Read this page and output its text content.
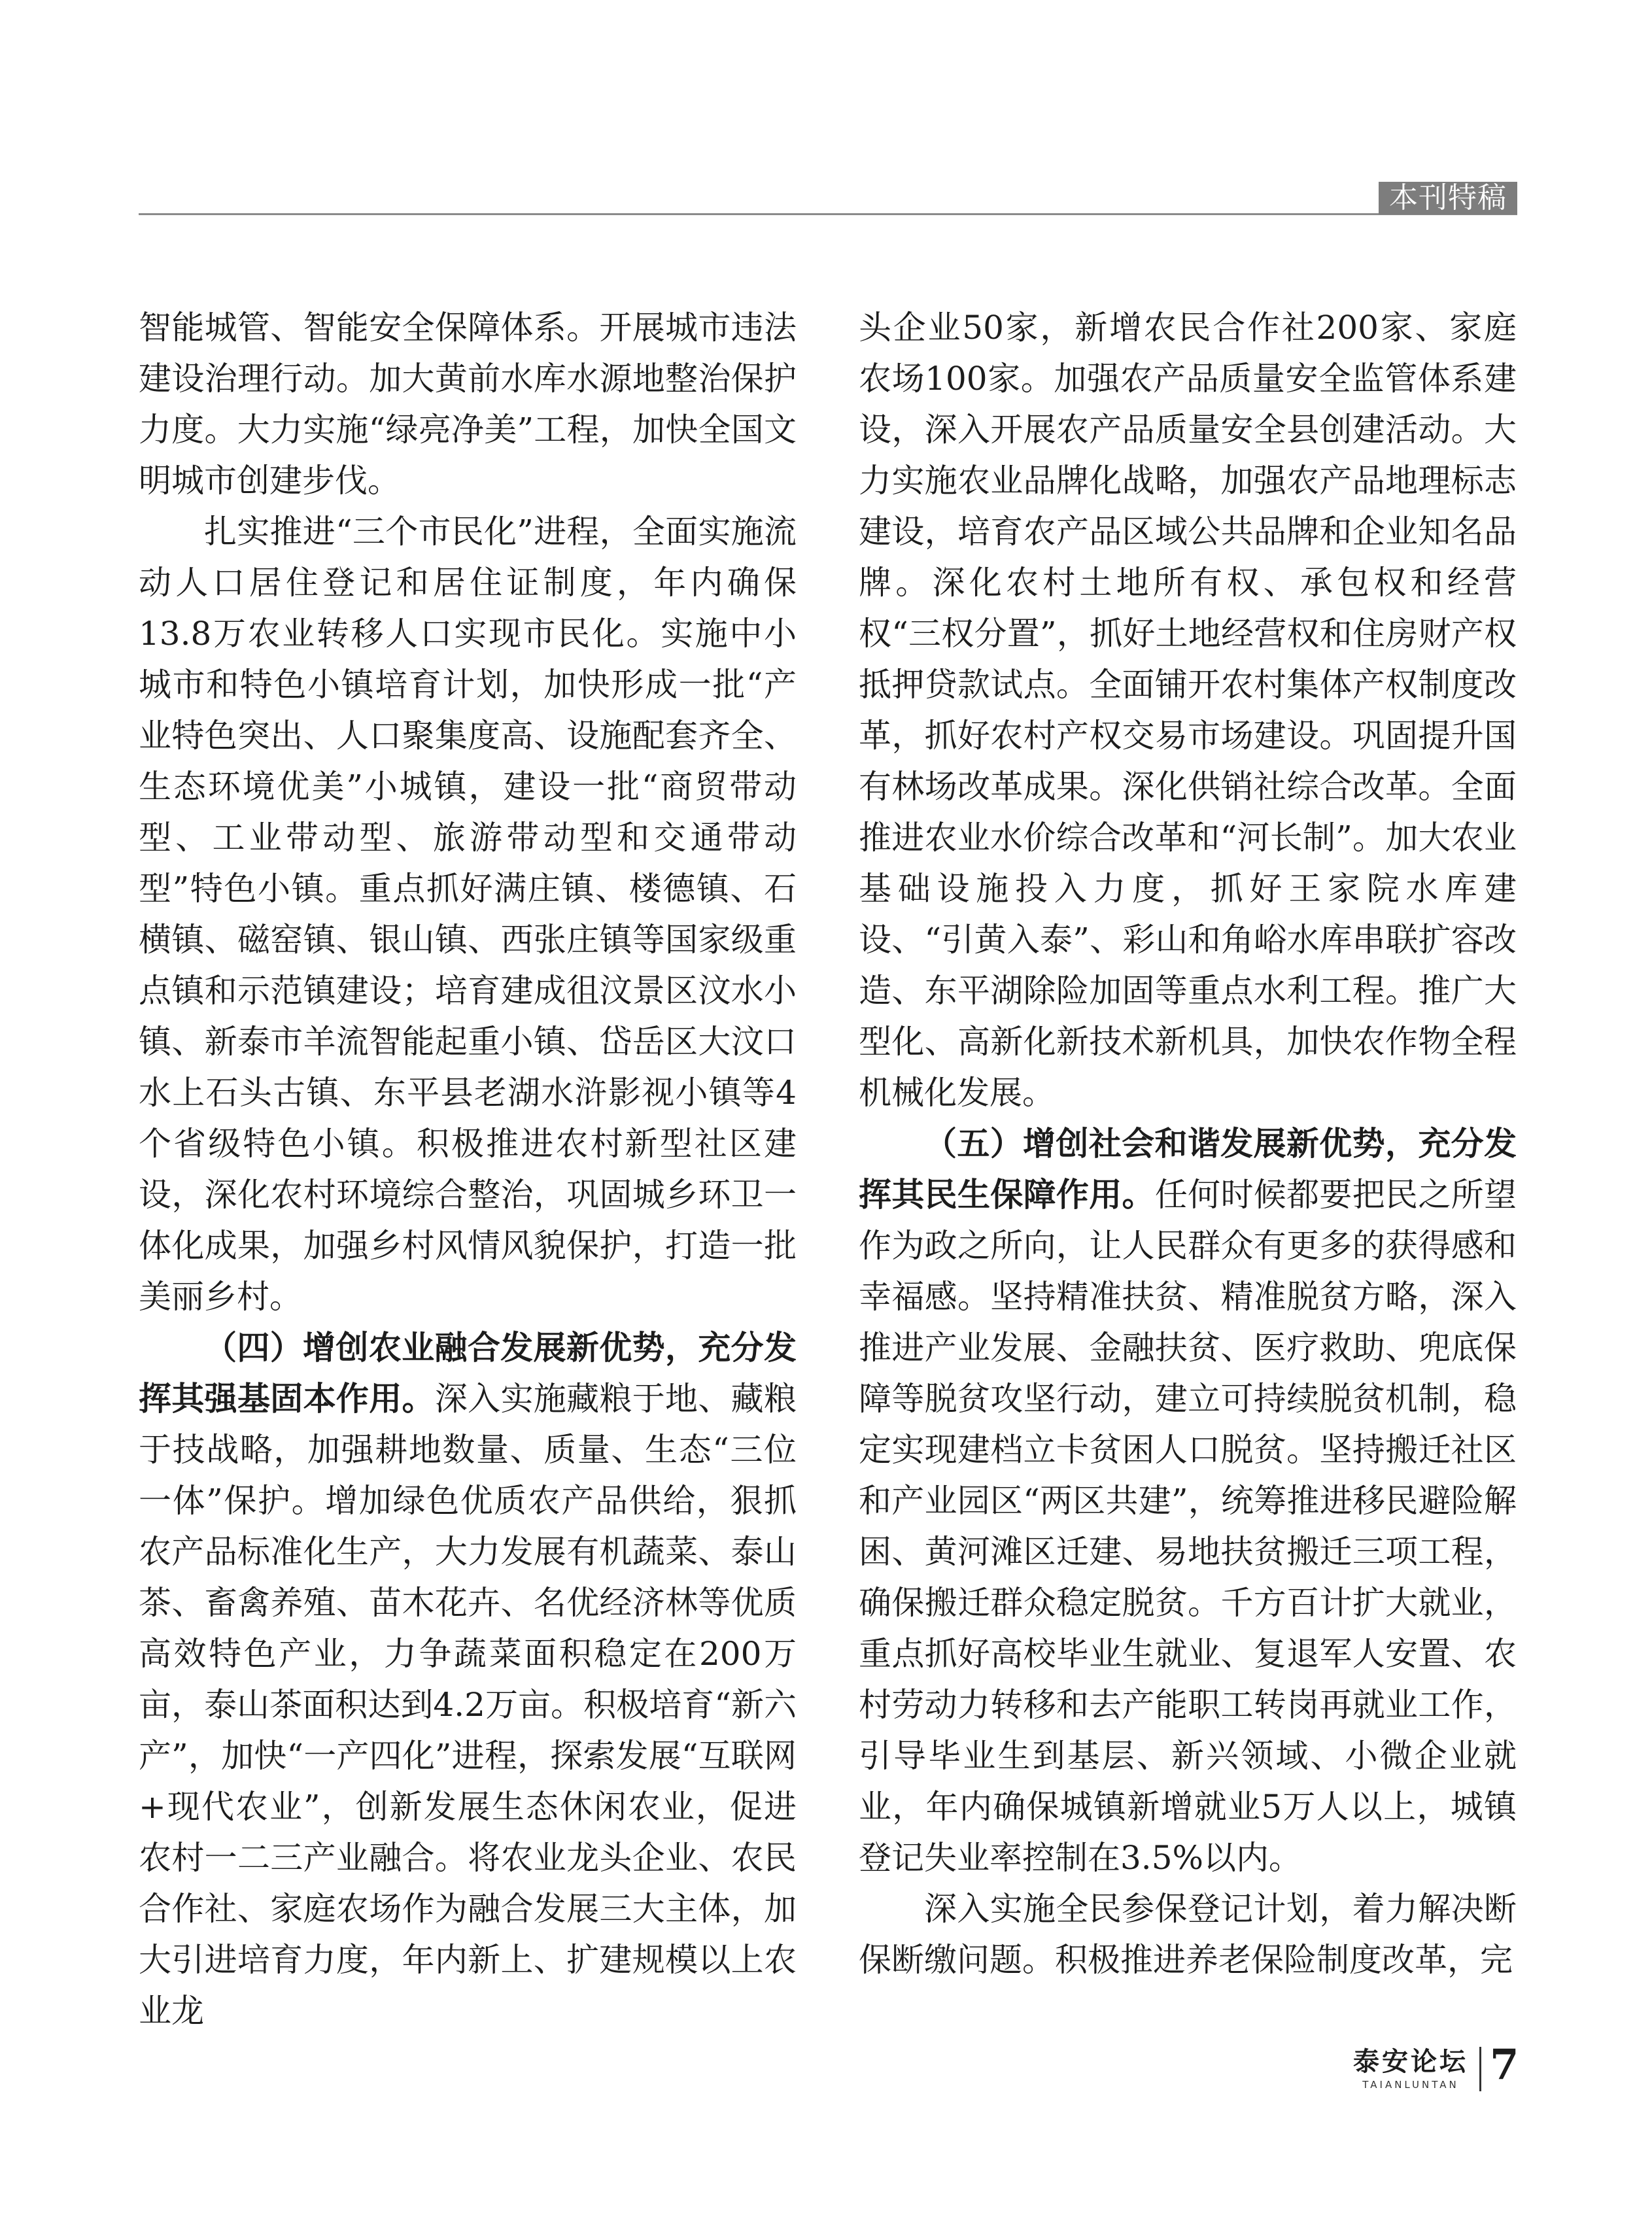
本刊特稿

智能城管、智能安全保障体系。开展城市违法建设治理行动。加大黄前水库水源地整治保护力度。大力实施“绿亮净美”工程，加快全国文明城市创建步伐。

扎实推进“三个市民化”进程，全面实施流动人口居住登记和居住证制度，年内确保13.8万农业转移人口实现市民化。实施中小城市和特色小镇培育计划，加快形成一批“产业特色突出、人口聚集度高、设施配套齐全、生态环境优美”小城镇，建设一批“商贸带动型、工业带动型、旅游带动型和交通带动型”特色小镇。重点抓好满庄镇、楼德镇、石横镇、磁窑镇、银山镇、西张庄镇等国家级重点镇和示范镇建设；培育建成徂汶景区汶水小镇、新泰市羊流智能起重小镇、岱岳区大汶口水上石头古镇、东平县老湖水浒影视小镇等4个省级特色小镇。积极推进农村新型社区建设，深化农村环境综合整治，巩固城乡环卫一体化成果，加强乡村风情风貌保护，打造一批美丽乡村。

（四）增创农业融合发展新优势，充分发挥其强基固本作用。深入实施藏粮于地、藏粮于技战略，加强耕地数量、质量、生态“三位一体”保护。增加绿色优质农产品供给，狠抓农产品标准化生产，大力发展有机蔬菜、泰山茶、畜禽养殖、苗木花卉、名优经济林等优质高效特色产业，力争蔬菜面积稳定在200万亩，泰山茶面积达到4.2万亩。积极培育“新六产”，加快“一产四化”进程，探索发展“互联网+现代农业”，创新发展生态休闲农业，促进农村一二三产业融合。将农业龙头企业、农民合作社、家庭农场作为融合发展三大主体，加大引进培育力度，年内新上、扩建规模以上农业龙

头企业50家，新增农民合作社200家、家庭农场100家。加强农产品质量安全监管体系建设，深入开展农产品质量安全县创建活动。大力实施农业品牌化战略，加强农产品地理标志建设，培育农产品区域公共品牌和企业知名品牌。深化农村土地所有权、承包权和经营权“三权分置”，抓好土地经营权和住房财产权抵押贷款试点。全面铺开农村集体产权制度改革，抓好农村产权交易市场建设。巩固提升国有林场改革成果。深化供销社综合改革。全面推进农业水价综合改革和“河长制”。加大农业基础设施投入力度，抓好王家院水库建设、“引黄入泰”、彩山和角峪水库串联扩容改造、东平湖除险加固等重点水利工程。推广大型化、高新化新技术新机具，加快农作物全程机械化发展。

（五）增创社会和谐发展新优势，充分发挥其民生保障作用。任何时候都要把民之所望作为政之所向，让人民群众有更多的获得感和幸福感。坚持精准扶贫、精准脱贫方略，深入推进产业发展、金融扶贫、医疗救助、兜底保障等脱贫攻坚行动，建立可持续脱贫机制，稳定实现建档立卡贫困人口脱贫。坚持搬迁社区和产业园区“两区共建”，统筹推进移民避险解困、黄河滩区迁建、易地扶贫搬迁三项工程，确保搬迁群众稳定脱贫。千方百计扩大就业，重点抓好高校毕业生就业、复退军人安置、农村劳动力转移和去产能职工转岗再就业工作，引导毕业生到基层、新兴领域、小微企业就业，年内确保城镇新增就业5万人以上，城镇登记失业率控制在3.5%以内。

深入实施全民参保登记计划，着力解决断保断缴问题。积极推进养老保险制度改革，完

泰安论坛
TAIANLUNTAN 7
